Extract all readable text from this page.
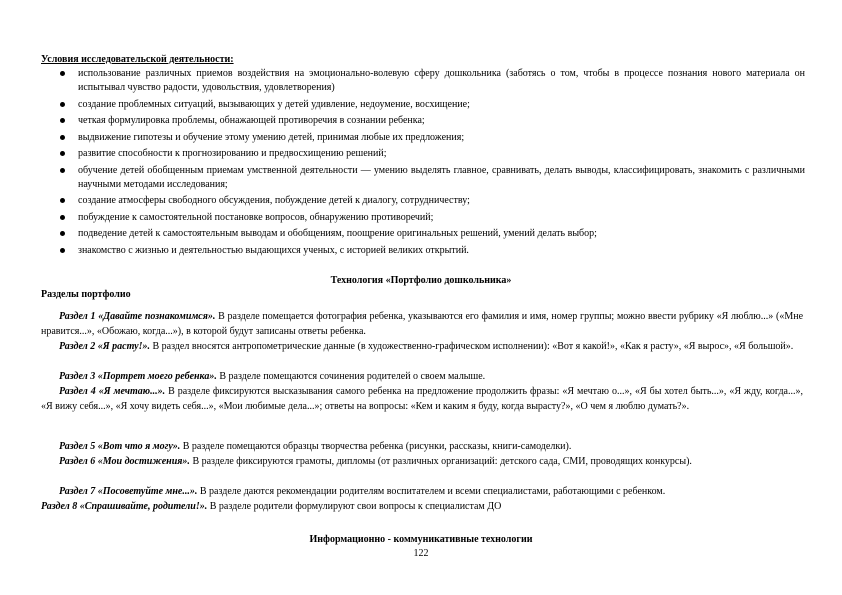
Условия исследовательской деятельности:
использование различных приемов воздействия на эмоционально-волевую сферу дошкольника (заботясь о том, чтобы в процессе познания нового материала он испытывал чувство радости, удовольствия, удовлетворения)
создание проблемных ситуаций, вызывающих у детей удивление, недоумение, восхищение;
четкая формулировка проблемы, обнажающей противоречия в сознании ребенка;
выдвижение гипотезы и обучение этому умению детей, принимая любые их предложения;
развитие способности к прогнозированию и предвосхищению решений;
обучение детей обобщенным приемам умственной деятельности — умению выделять главное, сравнивать, делать выводы, классифицировать, знакомить с различными научными методами исследования;
создание атмосферы свободного обсуждения, побуждение детей к диалогу, сотрудничеству;
побуждение к самостоятельной постановке вопросов, обнаружению противоречий;
подведение детей к самостоятельным выводам и обобщениям, поощрение оригинальных решений, умений делать выбор;
знакомство с жизнью и деятельностью выдающихся ученых, с историей великих открытий.
Технология «Портфолио дошкольника»
Разделы портфолио

Раздел 1 «Давайте познакомимся». В разделе помещается фотография ребенка, указываются его фамилия и имя, номер группы; можно ввести рубрику «Я люблю...» («Мне нравится...», «Обожаю, когда...»), в которой будут записаны ответы ребенка.

Раздел 2 «Я расту!». В раздел вносятся антропометрические данные (в художественно-графическом исполнении): «Вот я какой!», «Как я расту», «Я вырос», «Я большой».

Раздел 3 «Портрет моего ребенка». В разделе помещаются сочинения родителей о своем малыше.

Раздел 4 «Я мечтаю...». В разделе фиксируются высказывания самого ребенка на предложение продолжить фразы: «Я мечтаю о...», «Я бы хотел быть...», «Я жду, когда...», «Я вижу себя...», «Я хочу видеть себя...», «Мои любимые дела...»; ответы на вопросы: «Кем и каким я буду, когда вырасту?», «О чем я люблю думать?».

Раздел 5 «Вот что я могу». В разделе помещаются образцы творчества ребенка (рисунки, рассказы, книги-самоделки).

Раздел 6 «Мои достижения». В разделе фиксируются грамоты, дипломы (от различных организаций: детского сада, СМИ, проводящих конкурсы).

Раздел 7 «Посоветуйте мне...». В разделе даются рекомендации родителям воспитателем и всеми специалистами, работающими с ребенком.

Раздел 8 «Спрашивайте, родители!». В разделе родители формулируют свои вопросы к специалистам ДО

Информационно - коммуникативные технологии
122
